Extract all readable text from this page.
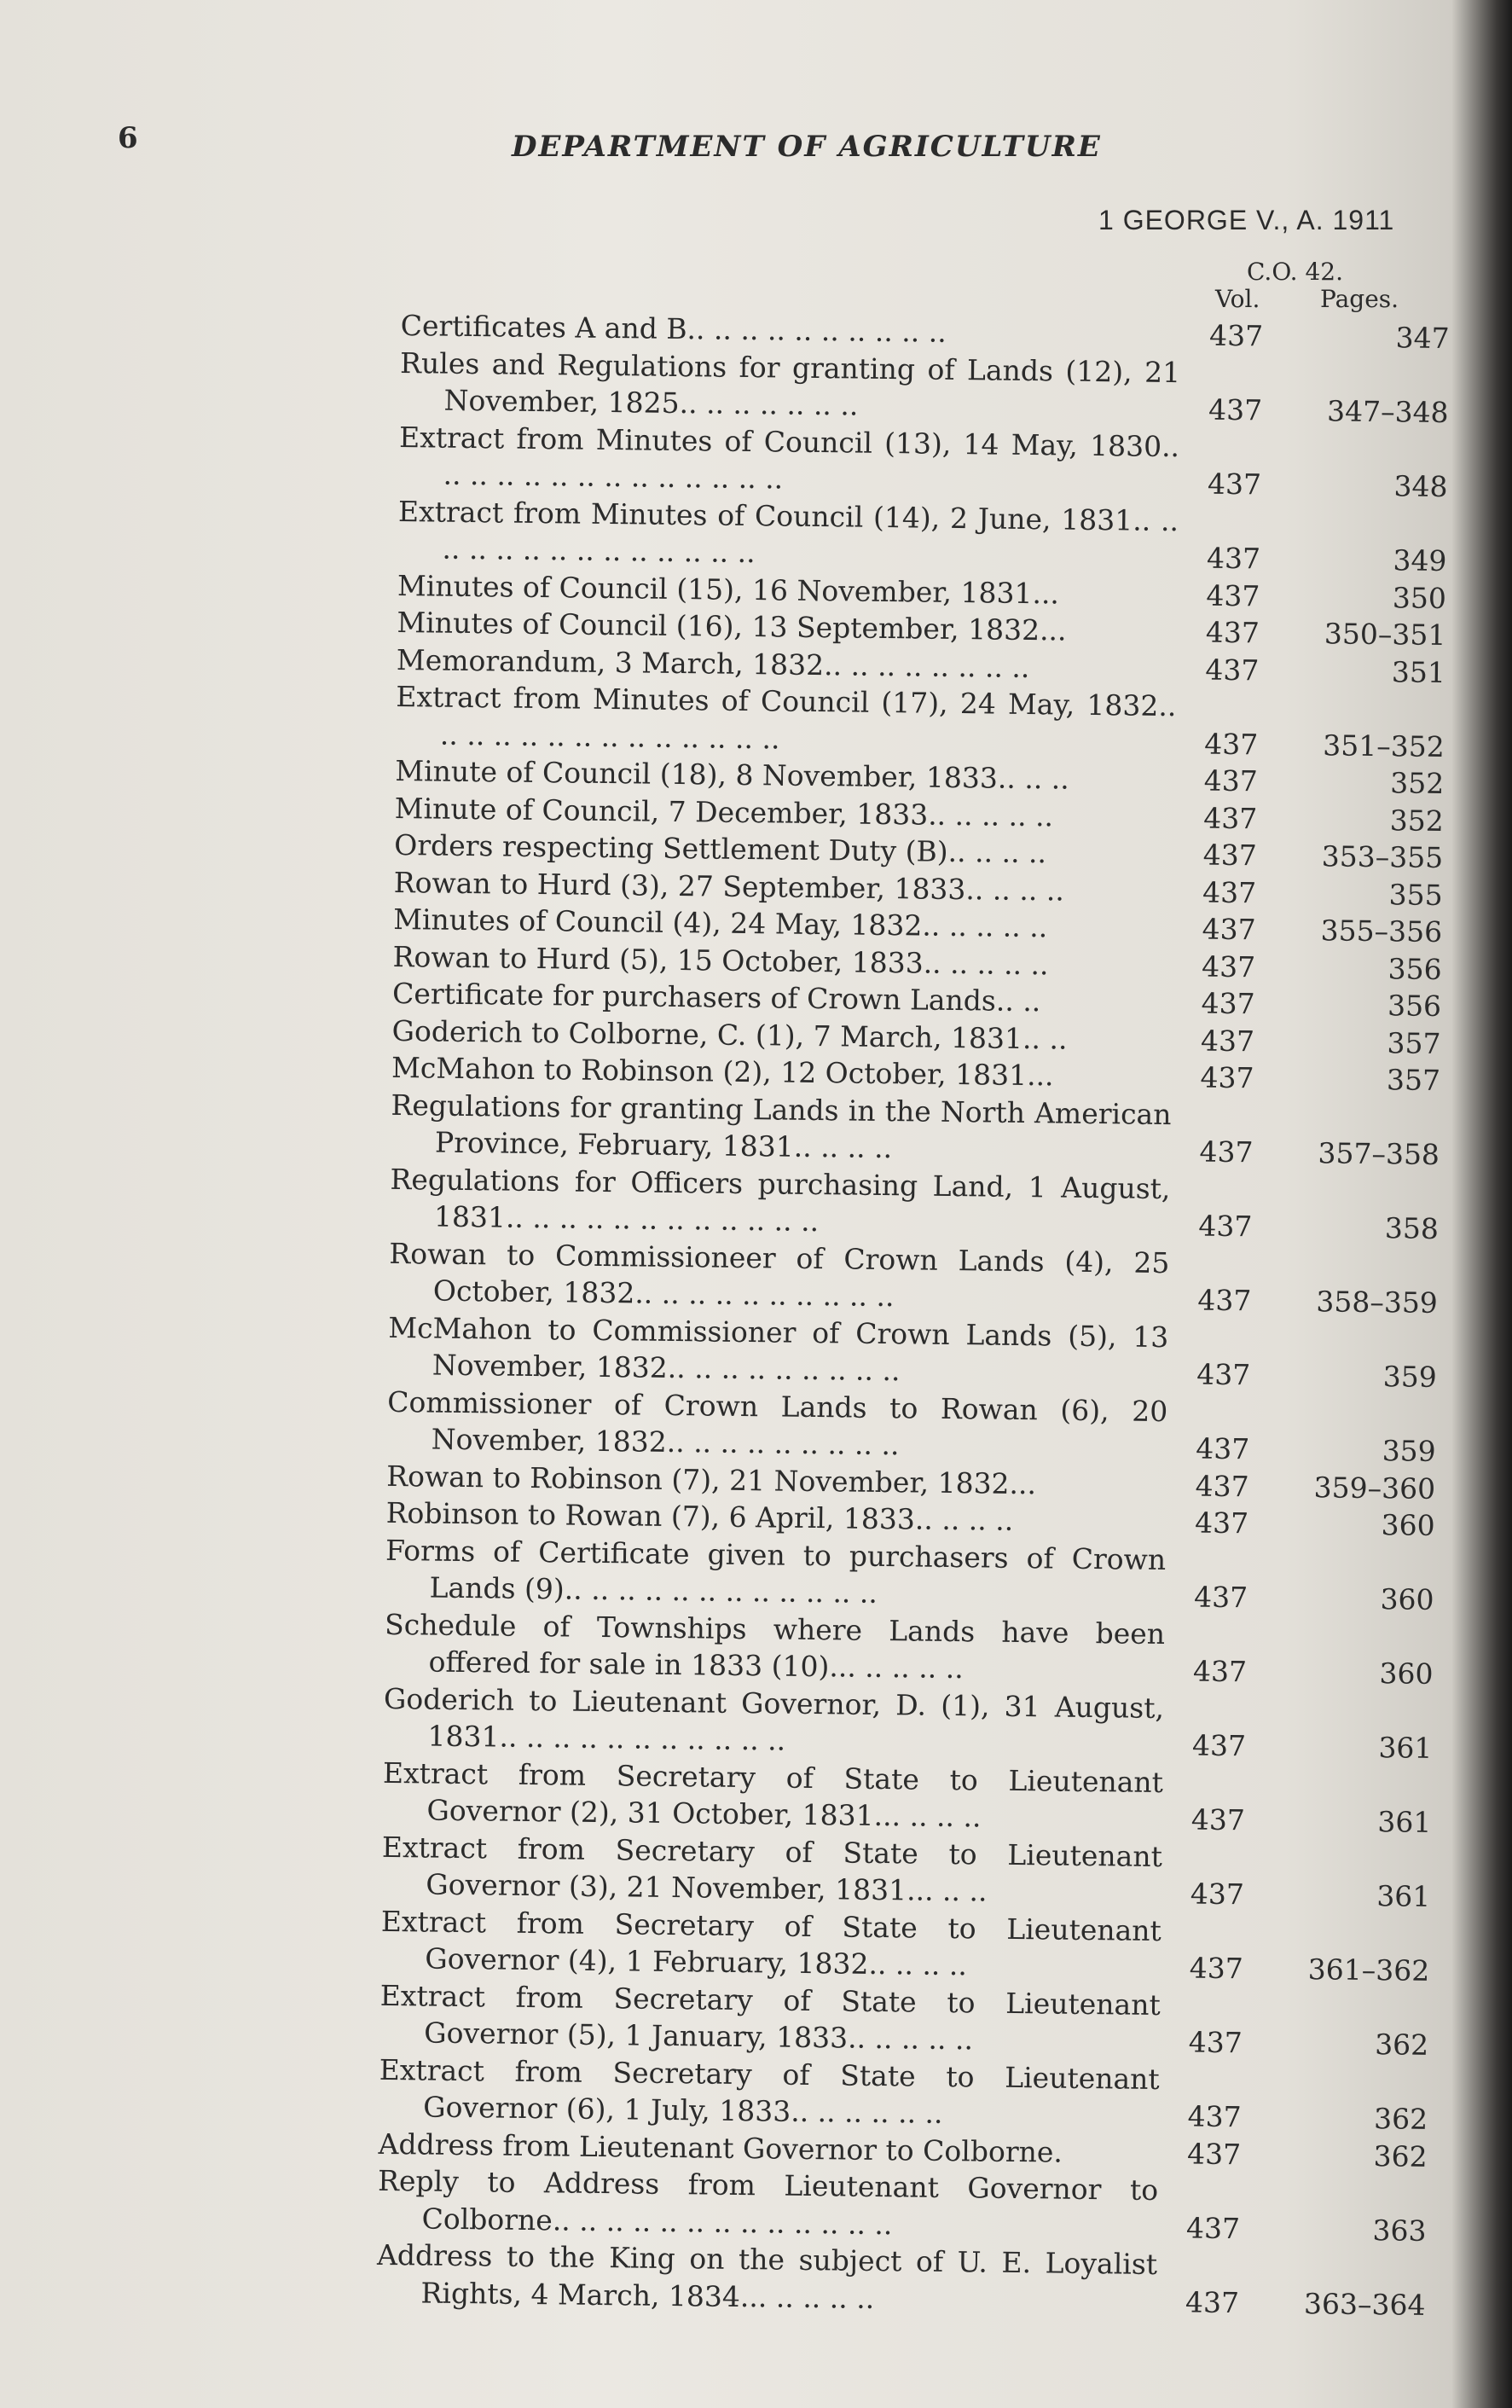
6	DEPARTMENT OF AGRICULTURE
1 GEORGE V., A. 1911
C.O. 42.
Vol.	Pages.
Certificates A and B.. .. .. .. .. .. .. .. .. ..	437	347
Rules and Regulations for granting of Lands (12), 21 November, 1825.. .. .. .. .. .. ..	437	347–348
Extract from Minutes of Council (13), 14 May, 1830.. .. .. .. .. .. .. .. .. .. .. .. .. ..	437	348
Extract from Minutes of Council (14), 2 June, 1831.. .. .. .. .. .. .. .. .. .. .. .. .. ..	437	349
Minutes of Council (15), 16 November, 1831...	437	350
Minutes of Council (16), 13 September, 1832...	437	350–351
Memorandum, 3 March, 1832.. .. .. .. .. .. .. ..	437	351
Extract from Minutes of Council (17), 24 May, 1832.. .. .. .. .. .. .. .. .. .. .. .. .. ..	437	351–352
Minute of Council (18), 8 November, 1833.. .. ..	437	352
Minute of Council, 7 December, 1833.. .. .. .. ..	437	352
Orders respecting Settlement Duty (B).. .. .. ..	437	353–355
Rowan to Hurd (3), 27 September, 1833.. .. .. ..	437	355
Minutes of Council (4), 24 May, 1832.. .. .. .. ..	437	355–356
Rowan to Hurd (5), 15 October, 1833.. .. .. .. ..	437	356
Certificate for purchasers of Crown Lands.. ..	437	356
Goderich to Colborne, C. (1), 7 March, 1831.. ..	437	357
McMahon to Robinson (2), 12 October, 1831...	437	357
Regulations for granting Lands in the North American Province, February, 1831.. .. .. ..	437	357–358
Regulations for Officers purchasing Land, 1 August, 1831.. .. .. .. .. .. .. .. .. .. .. ..	437	358
Rowan to Commissioneer of Crown Lands (4), 25 October, 1832.. .. .. .. .. .. .. .. .. ..	437	358–359
McMahon to Commissioner of Crown Lands (5), 13 November, 1832.. .. .. .. .. .. .. .. ..	437	359
Commissioner of Crown Lands to Rowan (6), 20 November, 1832.. .. .. .. .. .. .. .. ..	437	359
Rowan to Robinson (7), 21 November, 1832...	437	359–360
Robinson to Rowan (7), 6 April, 1833.. .. .. ..	437	360
Forms of Certificate given to purchasers of Crown Lands (9).. .. .. .. .. .. .. .. .. .. .. ..	437	360
Schedule of Townships where Lands have been offered for sale in 1833 (10)... .. .. .. ..	437	360
Goderich to Lieutenant Governor, D. (1), 31 August, 1831.. .. .. .. .. .. .. .. .. .. ..	437	361
Extract from Secretary of State to Lieutenant Governor (2), 31 October, 1831... .. .. ..	437	361
Extract from Secretary of State to Lieutenant Governor (3), 21 November, 1831... .. ..	437	361
Extract from Secretary of State to Lieutenant Governor (4), 1 February, 1832.. .. .. ..	437	361–362
Extract from Secretary of State to Lieutenant Governor (5), 1 January, 1833.. .. .. .. ..	437	362
Extract from Secretary of State to Lieutenant Governor (6), 1 July, 1833.. .. .. .. .. ..	437	362
Address from Lieutenant Governor to Colborne.	437	362
Reply to Address from Lieutenant Governor to Colborne.. .. .. .. .. .. .. .. .. .. .. .. ..	437	363
Address to the King on the subject of U. E. Loyalist Rights, 4 March, 1834... .. .. .. ..	437	363–364
